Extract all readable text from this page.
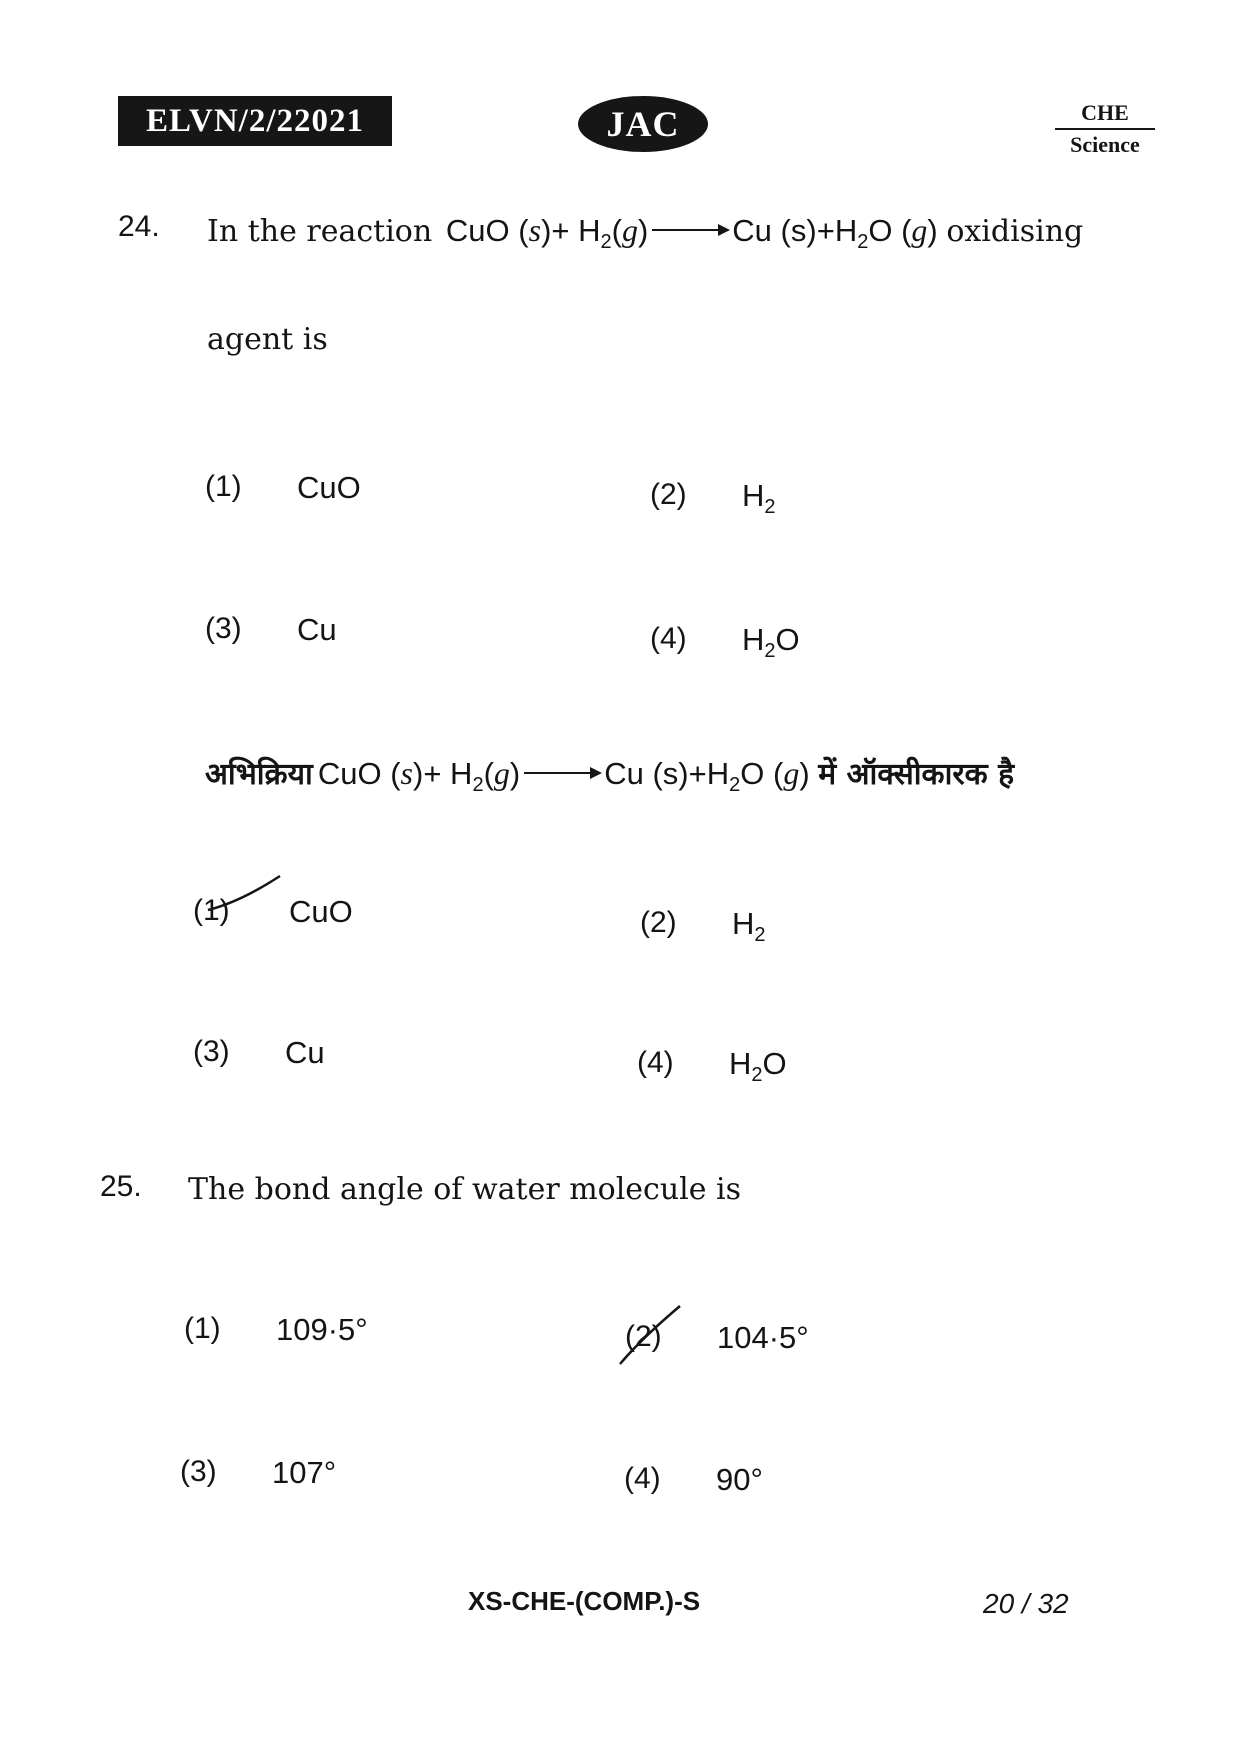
ELVN/2/22021	JAC	CHE
Science
24. In the reaction CuO $(s)+ H_2(g) \to Cu$ $(s)+H_2O$ (g) oxidising
agent is
(1) CuO	(2) $H_2$
(3) Cu	(4) $H_2O$
अभिक्रिया CuO $(s)+ H_2(g) \to Cu$ $(s)+H_2O$ (g) में ऑक्सीकारक है
(1) CuO	(2) $H_2$
(3) Cu	(4) $H_2O$
25. The bond angle of water molecule is
(1) 109·5°	(2) 104·5°
(3) 107°	(4) 90°
XS-CHE-(COMP.)-S	20 / 32
